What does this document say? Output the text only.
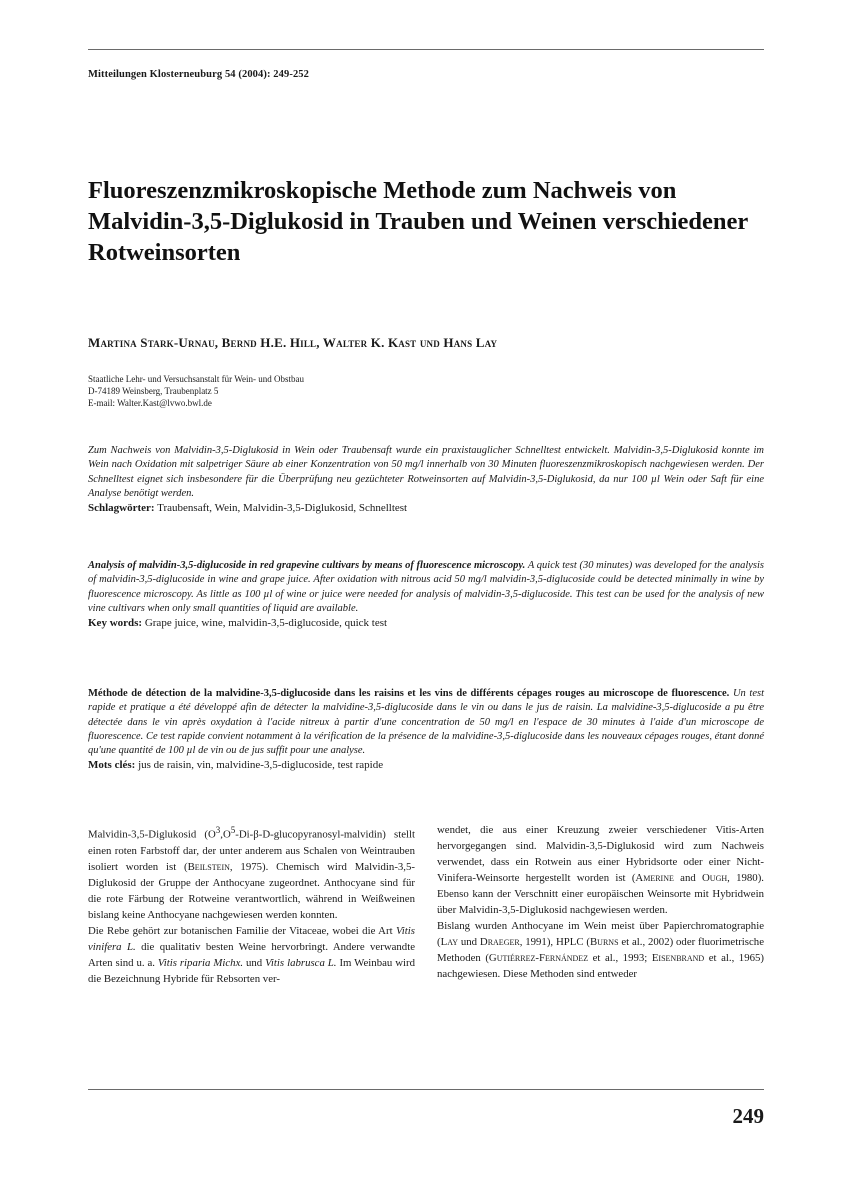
Mitteilungen Klosterneuburg 54 (2004): 249-252
Fluoreszenzmikroskopische Methode zum Nachweis von Malvidin-3,5-Diglukosid in Trauben und Weinen verschiedener Rotweinsorten
Martina Stark-Urnau, Bernd H.E. Hill, Walter K. Kast und Hans Lay
Staatliche Lehr- und Versuchsanstalt für Wein- und Obstbau
D-74189 Weinsberg, Traubenplatz 5
E-mail: Walter.Kast@lvwo.bwl.de
Zum Nachweis von Malvidin-3,5-Diglukosid in Wein oder Traubensaft wurde ein praxistauglicher Schnelltest entwickelt. Malvidin-3,5-Diglukosid konnte im Wein nach Oxidation mit salpetriger Säure ab einer Konzentration von 50 mg/l innerhalb von 30 Minuten fluoreszenzmikroskopisch nachgewiesen werden. Der Schnelltest eignet sich insbesondere für die Überprüfung neu gezüchteter Rotweinsorten auf Malvidin-3,5-Diglukosid, da nur 100 µl Wein oder Saft für eine Analyse benötigt werden.
Schlagwörter: Traubensaft, Wein, Malvidin-3,5-Diglukosid, Schnelltest
Analysis of malvidin-3,5-diglucoside in red grapevine cultivars by means of fluorescence microscopy. A quick test (30 minutes) was developed for the analysis of malvidin-3,5-diglucoside in wine and grape juice. After oxidation with nitrous acid 50 mg/l malvidin-3,5-diglucoside could be detected minimally in wine by fluorescence microscopy. As little as 100 µl of wine or juice were needed for analysis of malvidin-3,5-diglucoside. This test can be used for the analysis of new vine cultivars when only small quantities of liquid are available.
Key words: Grape juice, wine, malvidin-3,5-diglucoside, quick test
Méthode de détection de la malvidine-3,5-diglucoside dans les raisins et les vins de différents cépages rouges au microscope de fluorescence. Un test rapide et pratique a été développé afin de détecter la malvidine-3,5-diglucoside dans le vin ou dans le jus de raisin. La malvidine-3,5-diglucoside a pu être détectée dans le vin après oxydation à l'acide nitreux à partir d'une concentration de 50 mg/l en l'espace de 30 minutes à l'aide d'un microscope de fluorescence. Ce test rapide convient notamment à la vérification de la présence de la malvidine-3,5-diglucoside dans les nouveaux cépages rouges, étant donné qu'une quantité de 100 µl de vin ou de jus suffit pour une analyse.
Mots clés: jus de raisin, vin, malvidine-3,5-diglucoside, test rapide

Malvidin-3,5-Diglukosid $(O^3,O^5-Di-\beta-D-glucopyranosyl-malvidin)$ stellt einen roten Farbstoff dar, der unter anderem aus Schalen von Weintrauben isoliert worden ist (Beilstein, 1975). Chemisch wird Malvidin-3,5-Diglukosid der Gruppe der Anthocyane zugeordnet. Anthocyane sind für die rote Färbung der Rotweine verantwortlich, während in Weißweinen bislang keine Anthocyane nachgewiesen werden konnten.

Die Rebe gehört zur botanischen Familie der Vitaceae, wobei die Art Vitis vinifera L. die qualitativ besten Weine hervorbringt. Andere verwandte Arten sind u. a. Vitis riparia Michx. und Vitis labrusca L. Im Weinbau wird die Bezeichnung Hybride für Rebsorten ver-

wendet, die aus einer Kreuzung zweier verschiedener Vitis-Arten hervorgegangen sind. Malvidin-3,5-Diglukosid wird zum Nachweis verwendet, dass ein Rotwein aus einer Hybridsorte oder einer Nicht-Vinifera-Weinsorte hergestellt worden ist (Amerine and Ough, 1980). Ebenso kann der Verschnitt einer europäischen Weinsorte mit Hybridwein über Malvidin-3,5-Diglukosid nachgewiesen werden.

Bislang wurden Anthocyane im Wein meist über Papierchromatographie (Lay und Draeger, 1991), HPLC (Burns et al., 2002) oder fluorimetrische Methoden (Gutiérrez-Fernández et al., 1993; Eisenbrand et al., 1965) nachgewiesen. Diese Methoden sind entweder

249
